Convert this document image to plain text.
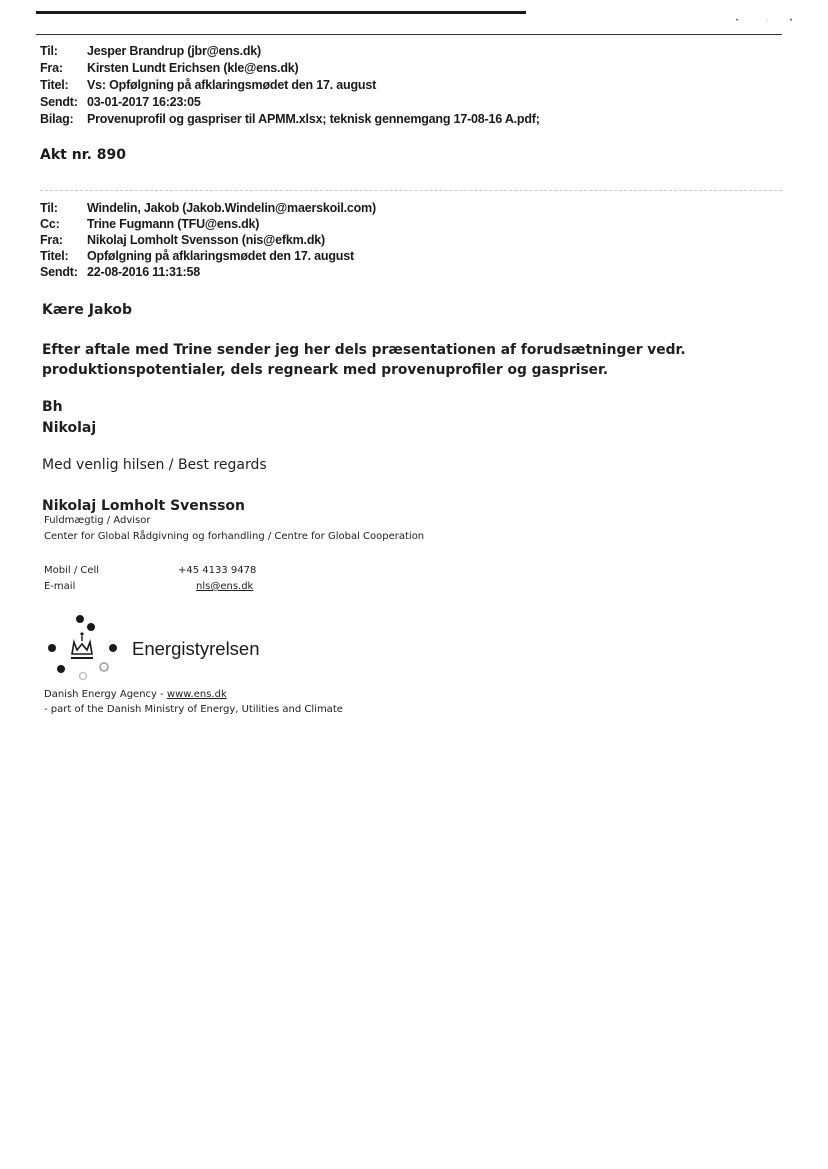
•	·	•
Til: Jesper Brandrup (jbr@ens.dk)
Fra: Kirsten Lundt Erichsen (kle@ens.dk)
Titel: Vs: Opfølgning på afklaringsmødet den 17. august
Sendt: 03-01-2017 16:23:05
Bilag: Provenuprofil og gaspriser til APMM.xlsx; teknisk gennemgang 17-08-16 A.pdf;
Akt nr. 890
Til: Windelin, Jakob (Jakob.Windelin@maerskoil.com)
Cc: Trine Fugmann (TFU@ens.dk)
Fra: Nikolaj Lomholt Svensson (nis@efkm.dk)
Titel: Opfølgning på afklaringsmødet den 17. august
Sendt: 22-08-2016 11:31:58
Kære Jakob
Efter aftale med Trine sender jeg her dels præsentationen af forudsætninger vedr. produktionspotentialer, dels regneark med provenuprofiler og gaspriser.
Bh
Nikolaj
Med venlig hilsen / Best regards
Nikolaj Lomholt Svensson
Fuldmægtig / Advisor
Center for Global Rådgivning og forhandling / Centre for Global Cooperation
Mobil / Cell	+45 4133 9478
E-mail	nls@ens.dk
Energistyrelsen
Danish Energy Agency - www.ens.dk
- part of the Danish Ministry of Energy, Utilities and Climate
